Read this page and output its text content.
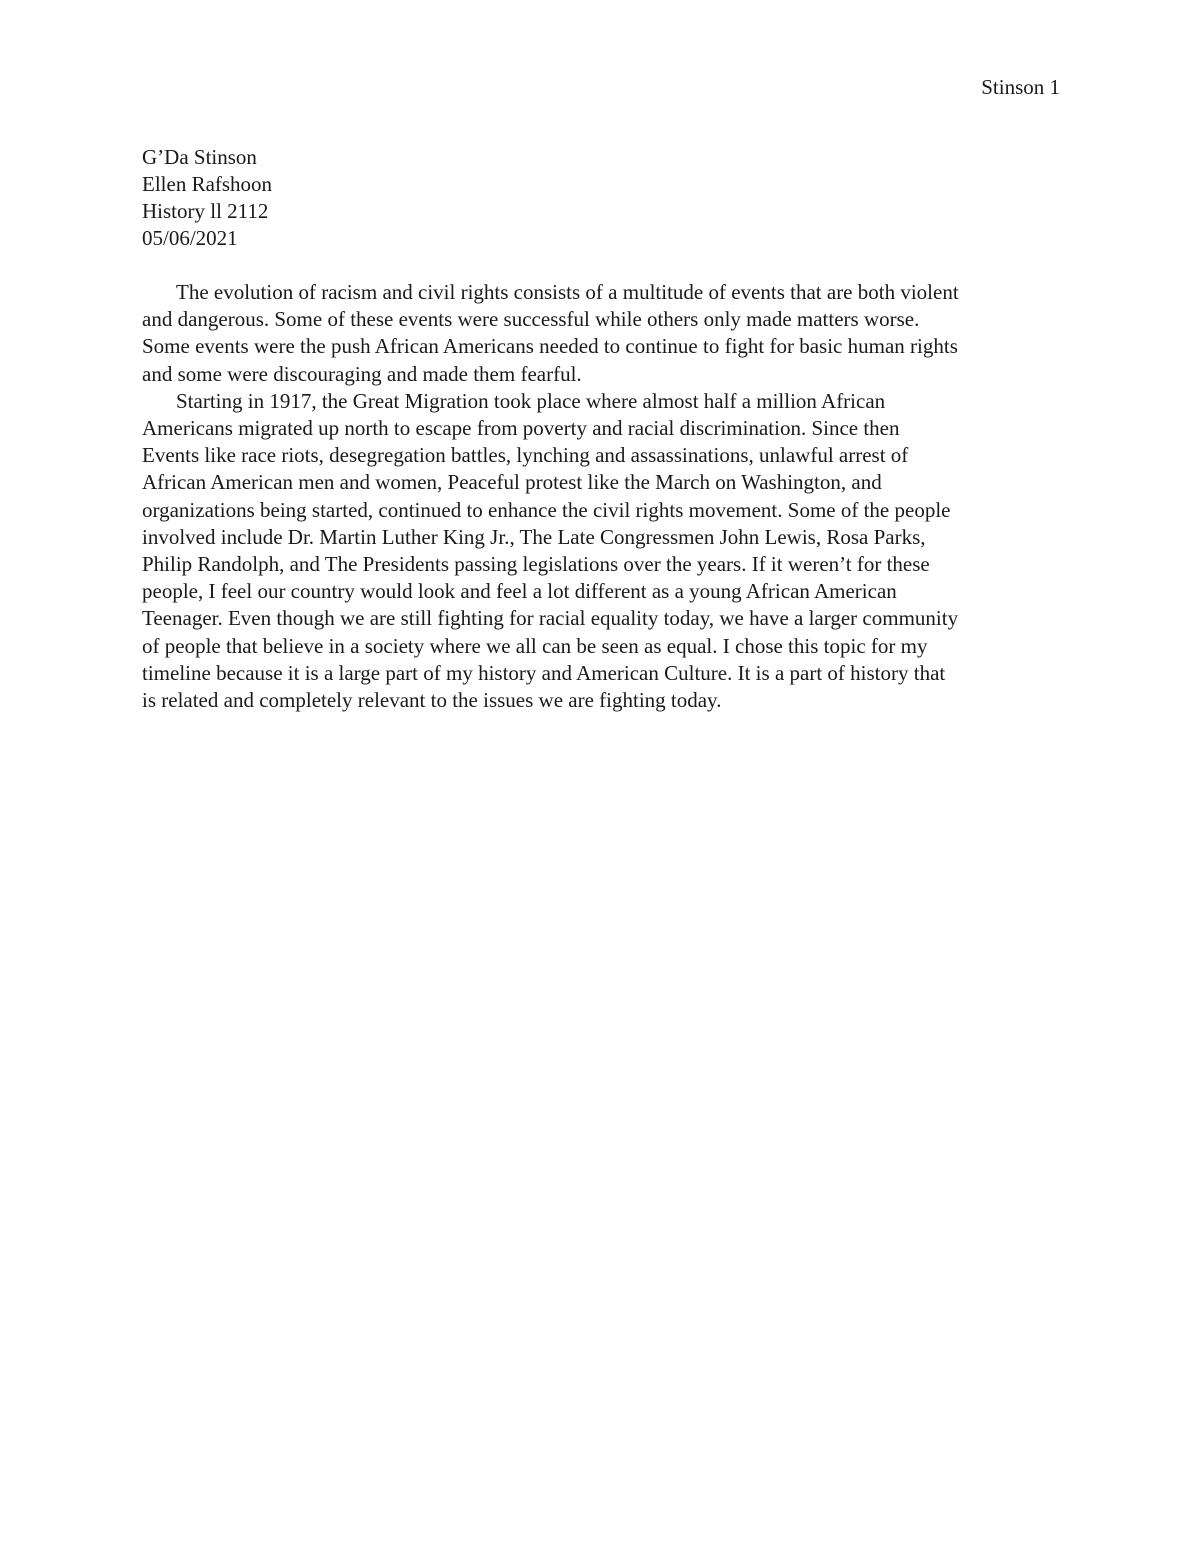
Stinson 1
G’Da Stinson
Ellen Rafshoon
History ll 2112
05/06/2021
The evolution of racism and civil rights consists of a multitude of events that are both violent
and dangerous. Some of these events were successful while others only made matters worse.
Some events were the push African Americans needed to continue to fight for basic human rights
and some were discouraging and made them fearful.
Starting in 1917, the Great Migration took place where almost half a million African
Americans migrated up north to escape from poverty and racial discrimination. Since then
Events like race riots, desegregation battles, lynching and assassinations, unlawful arrest of
African American men and women, Peaceful protest like the March on Washington, and
organizations being started, continued to enhance the civil rights movement. Some of the people
involved include Dr. Martin Luther King Jr., The Late Congressmen John Lewis, Rosa Parks,
Philip Randolph, and The Presidents passing legislations over the years. If it weren’t for these
people, I feel our country would look and feel a lot different as a young African American
Teenager. Even though we are still fighting for racial equality today, we have a larger community
of people that believe in a society where we all can be seen as equal. I chose this topic for my
timeline because it is a large part of my history and American Culture. It is a part of history that
is related and completely relevant to the issues we are fighting today.
